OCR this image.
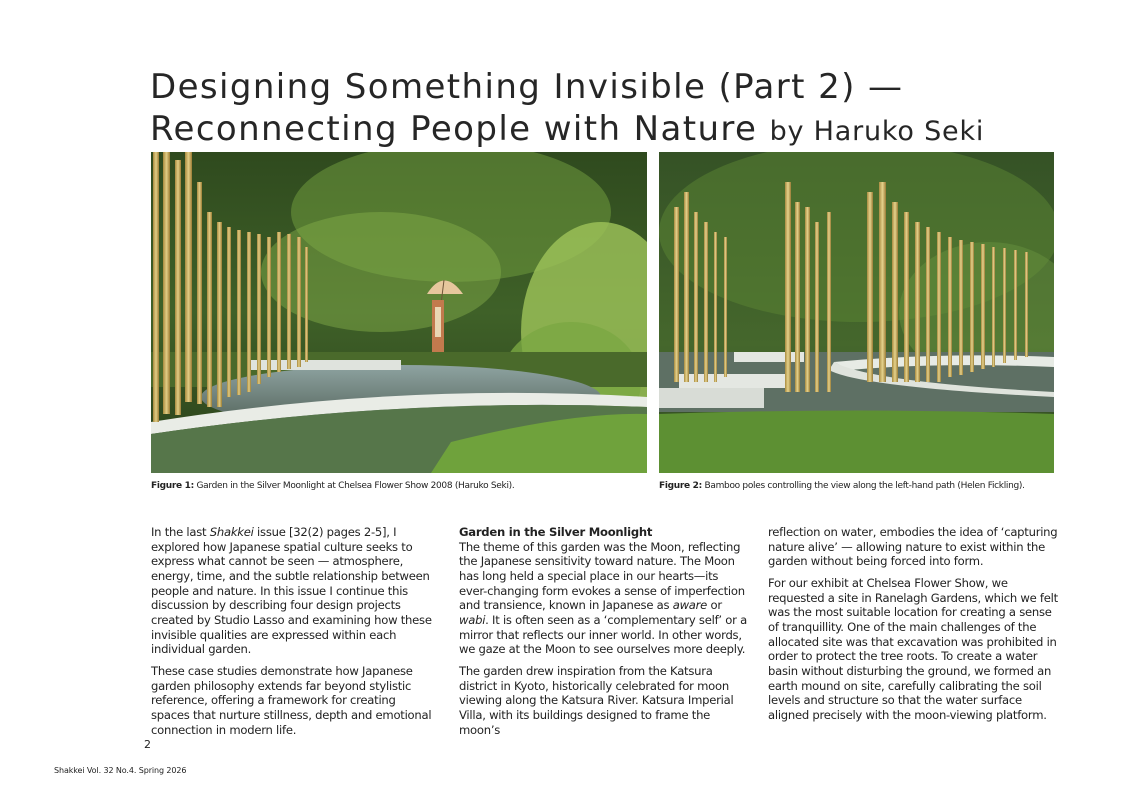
Designing Something Invisible (Part 2) — Reconnecting People with Nature by Haruko Seki
Figure 1: Garden in the Silver Moonlight at Chelsea Flower Show 2008 (Haruko Seki).	Figure 2: Bamboo poles controlling the view along the left-hand path (Helen Fickling).

In the last Shakkei issue [32(2) pages 2-5], I explored how Japanese spatial culture seeks to express what cannot be seen — atmosphere, energy, time, and the subtle relationship between people and nature. In this issue I continue this discussion by describing four design projects created by Studio Lasso and examining how these invisible qualities are expressed within each individual garden.

These case studies demonstrate how Japanese garden philosophy extends far beyond stylistic reference, offering a framework for creating spaces that nurture stillness, depth and emotional connection in modern life.

Garden in the Silver Moonlight
The theme of this garden was the Moon, reflecting the Japanese sensitivity toward nature. The Moon has long held a special place in our hearts—its ever-changing form evokes a sense of imperfection and transience, known in Japanese as aware or wabi. It is often seen as a ‘complementary self’ or a mirror that reflects our inner world. In other words, we gaze at the Moon to see ourselves more deeply.

The garden drew inspiration from the Katsura district in Kyoto, historically celebrated for moon viewing along the Katsura River. Katsura Imperial Villa, with its buildings designed to frame the moon’s

reflection on water, embodies the idea of ‘capturing nature alive’ — allowing nature to exist within the garden without being forced into form.

For our exhibit at Chelsea Flower Show, we requested a site in Ranelagh Gardens, which we felt was the most suitable location for creating a sense of tranquillity. One of the main challenges of the allocated site was that excavation was prohibited in order to protect the tree roots. To create a water basin without disturbing the ground, we formed an earth mound on site, carefully calibrating the soil levels and structure so that the water surface aligned precisely with the moon-viewing platform.

2
Shakkei Vol. 32 No.4. Spring 2026
